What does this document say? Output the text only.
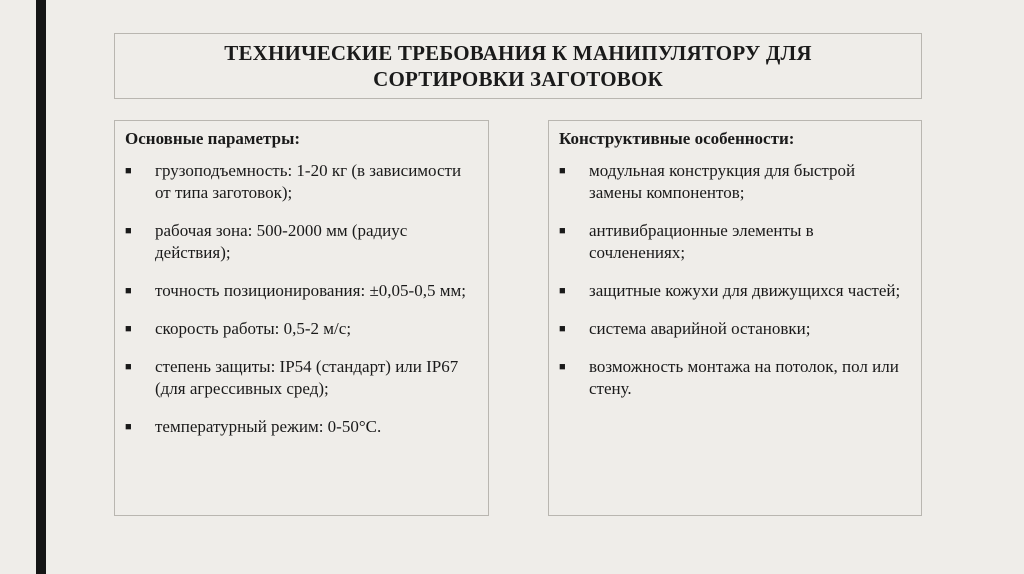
ТЕХНИЧЕСКИЕ ТРЕБОВАНИЯ К МАНИПУЛЯТОРУ ДЛЯ
СОРТИРОВКИ ЗАГОТОВОК
Основные параметры:
■ грузоподъемность: 1-20 кг (в зависимости от типа заготовок);
■ рабочая зона: 500-2000 мм (радиус действия);
■ точность позиционирования: ±0,05-0,5 мм;
■ скорость работы: 0,5-2 м/с;
■ степень защиты: IP54 (стандарт) или IP67 (для агрессивных сред);
■ температурный режим: 0-50°C.
Конструктивные особенности:
■ модульная конструкция для быстрой замены компонентов;
■ антивибрационные элементы в сочленениях;
■ защитные кожухи для движущихся частей;
■ система аварийной остановки;
■ возможность монтажа на потолок, пол или стену.
